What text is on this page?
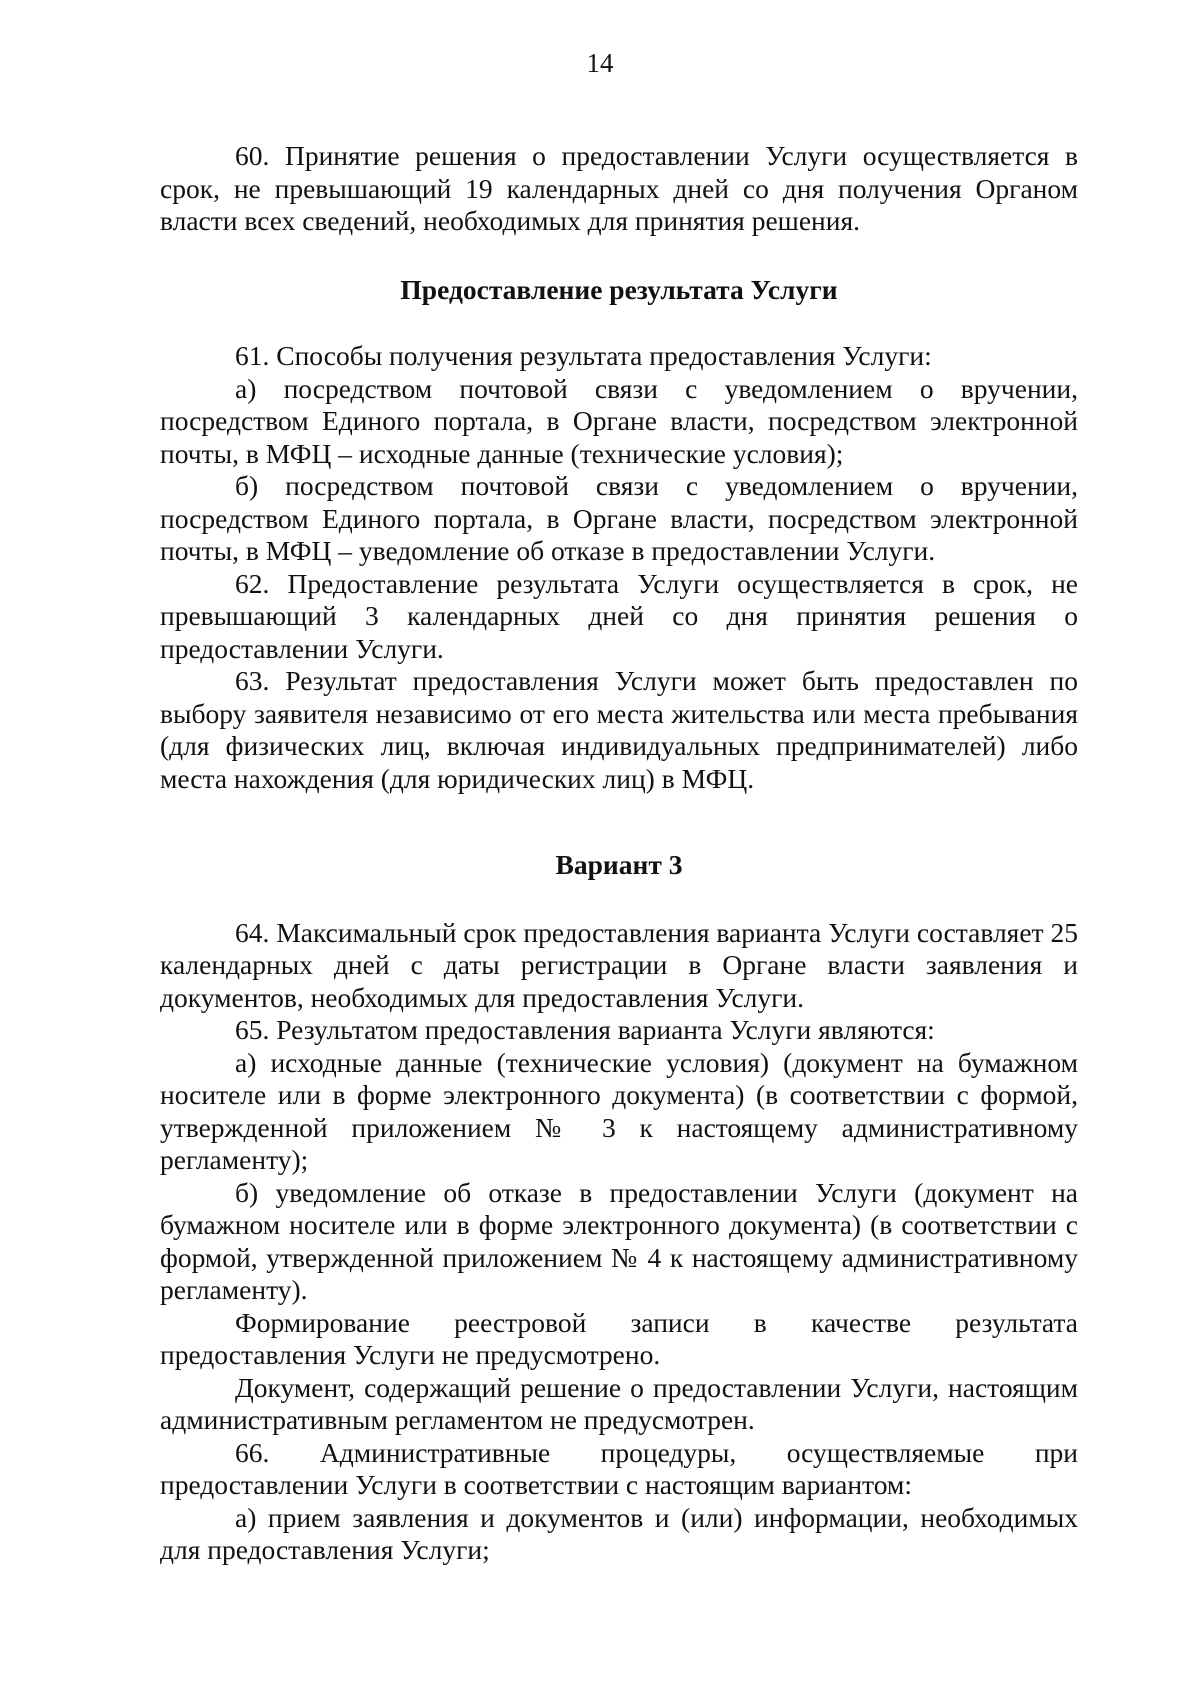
14

60. Принятие решения о предоставлении Услуги осуществляется в срок, не превышающий 19 календарных дней со дня получения Органом власти всех сведений, необходимых для принятия решения.

Предоставление результата Услуги

61. Способы получения результата предоставления Услуги:

а) посредством почтовой связи с уведомлением о вручении, посредством Единого портала, в Органе власти, посредством электронной почты, в МФЦ – исходные данные (технические условия);

б) посредством почтовой связи с уведомлением о вручении, посредством Единого портала, в Органе власти, посредством электронной почты, в МФЦ – уведомление об отказе в предоставлении Услуги.

62. Предоставление результата Услуги осуществляется в срок, не превышающий 3 календарных дней со дня принятия решения о предоставлении Услуги.

63. Результат предоставления Услуги может быть предоставлен по выбору заявителя независимо от его места жительства или места пребывания (для физических лиц, включая индивидуальных предпринимателей) либо места нахождения (для юридических лиц) в МФЦ.

Вариант 3

64. Максимальный срок предоставления варианта Услуги составляет 25 календарных дней с даты регистрации в Органе власти заявления и документов, необходимых для предоставления Услуги.

65. Результатом предоставления варианта Услуги являются:

а) исходные данные (технические условия) (документ на бумажном носителе или в форме электронного документа) (в соответствии с формой, утвержденной приложением № 3 к настоящему административному регламенту);

б) уведомление об отказе в предоставлении Услуги (документ на бумажном носителе или в форме электронного документа) (в соответствии с формой, утвержденной приложением № 4 к настоящему административному регламенту).

Формирование реестровой записи в качестве результата предоставления Услуги не предусмотрено.

Документ, содержащий решение о предоставлении Услуги, настоящим административным регламентом не предусмотрен.

66. Административные процедуры, осуществляемые при предоставлении Услуги в соответствии с настоящим вариантом:

а) прием заявления и документов и (или) информации, необходимых для предоставления Услуги;
